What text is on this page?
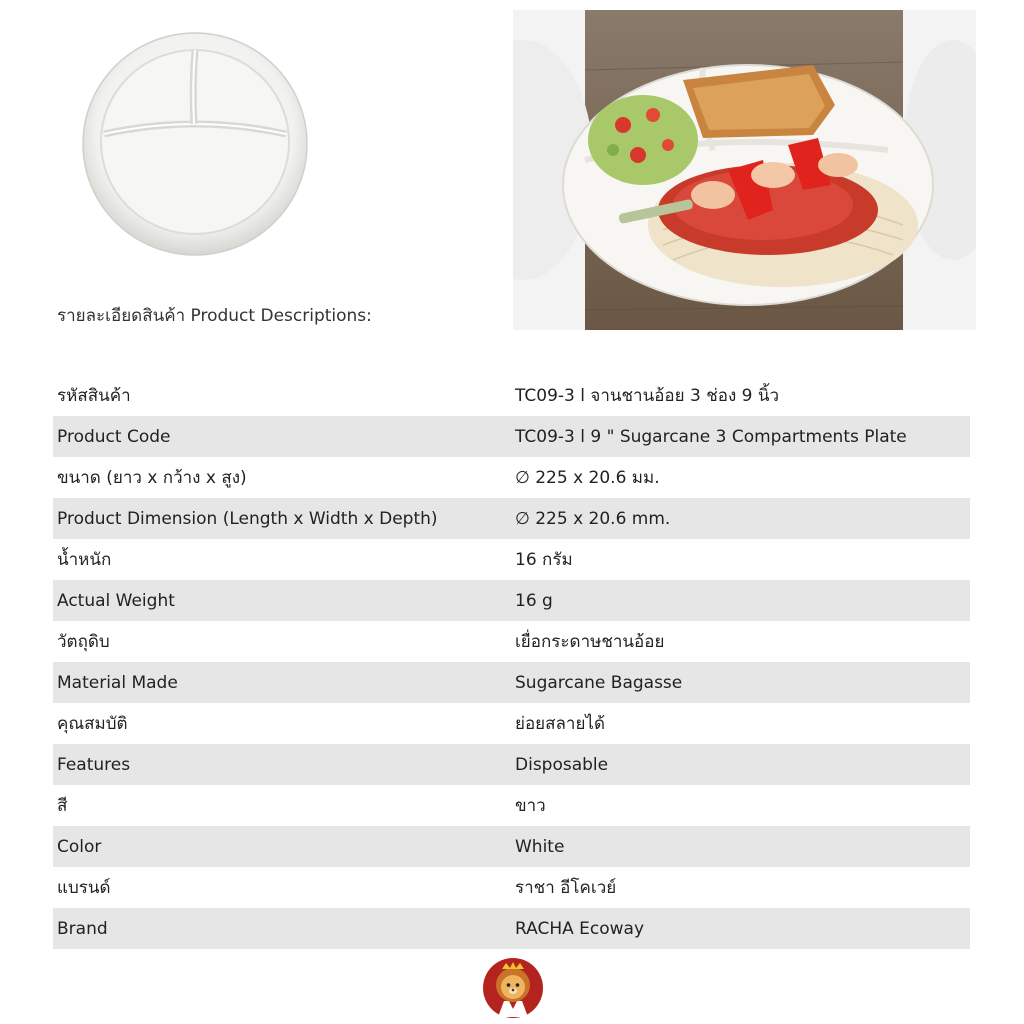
รายละเอียดสินค้า Product Descriptions:
รหัสสินค้า	TC09-3 l จานชานอ้อย 3 ช่อง 9 นิ้ว
Product Code	TC09-3 l 9 " Sugarcane 3 Compartments Plate
ขนาด (ยาว x กว้าง x สูง)	∅ 225 x 20.6 มม.
Product Dimension (Length x Width x Depth)	∅ 225 x 20.6 mm.
น้ำหนัก	16 กรัม
Actual Weight	16 g
วัตถุดิบ	เยื่อกระดาษชานอ้อย
Material Made	Sugarcane Bagasse
คุณสมบัติ	ย่อยสลายได้
Features	Disposable
สี	ขาว
Color	White
แบรนด์	ราชา อีโคเวย์
Brand	RACHA Ecoway
